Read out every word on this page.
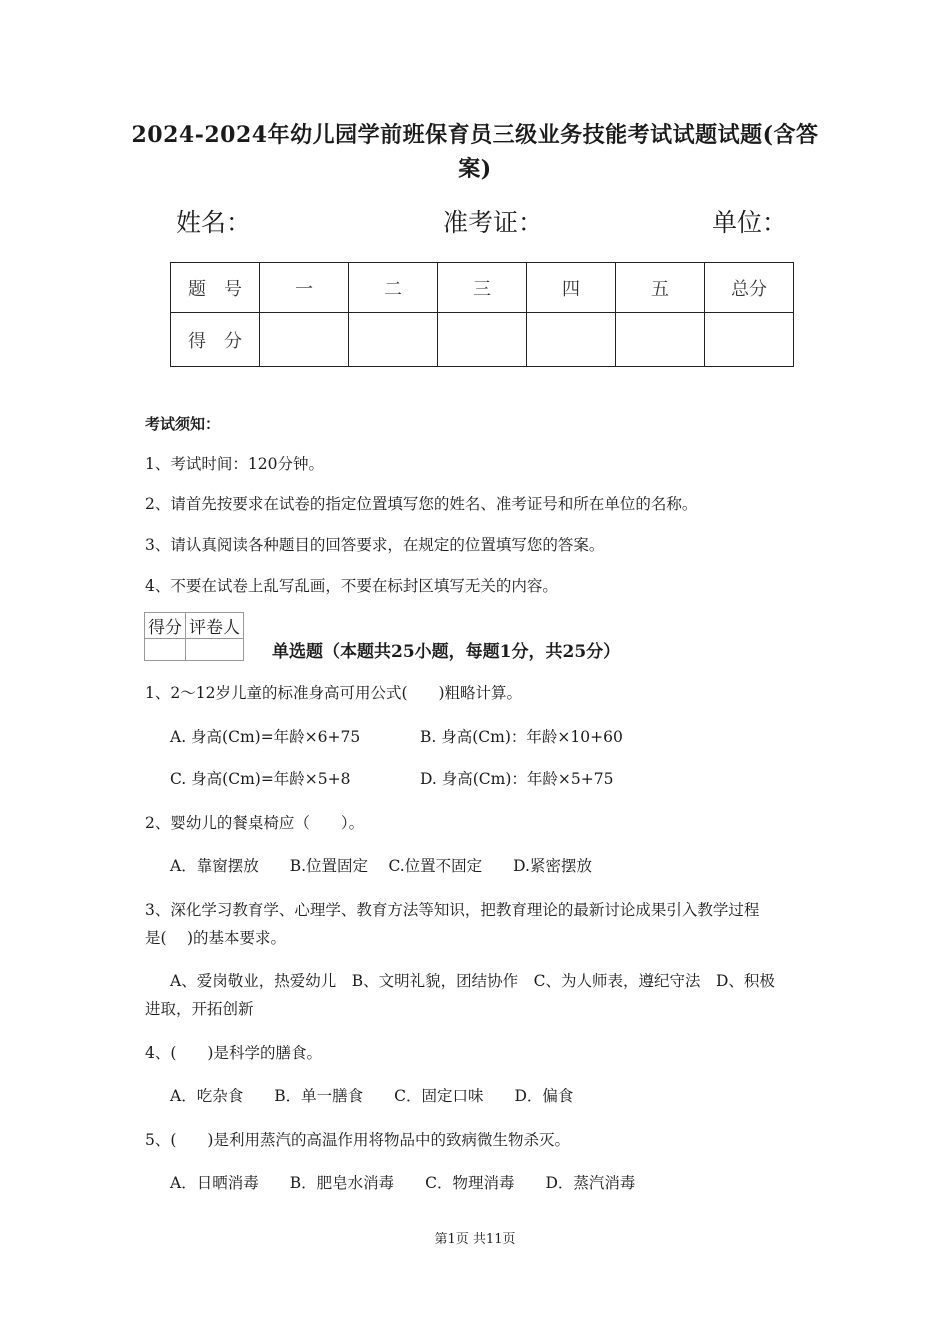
2024-2024年幼儿园学前班保育员三级业务技能考试试题试题(含答
案)
姓名：	准考证：	单位：
题　号	一	二	三	四	五	总分
得　分						
考试须知：
1、考试时间：120分钟。
2、请首先按要求在试卷的指定位置填写您的姓名、准考证号和所在单位的名称。
3、请认真阅读各种题目的回答要求，在规定的位置填写您的答案。
4、不要在试卷上乱写乱画，不要在标封区填写无关的内容。
得分	评卷人

单选题（本题共25小题，每题1分，共25分）
1、2～12岁儿童的标准身高可用公式(　　)粗略计算。
A. 身高(Cm)=年龄×6+75	B. 身高(Cm)：年龄×10+60
C. 身高(Cm)=年龄×5+8	D. 身高(Cm)：年龄×5+75
2、婴幼儿的餐桌椅应（　　）。
A．靠窗摆放　　B.位置固定　 C.位置不固定　　D.紧密摆放
3、深化学习教育学、心理学、教育方法等知识，把教育理论的最新讨论成果引入教学过程
是(　 )的基本要求。
A、爱岗敬业，热爱幼儿　B、文明礼貌，团结协作　C、为人师表，遵纪守法　D、积极
进取，开拓创新
4、(　　)是科学的膳食。
A．吃杂食　　B．单一膳食　　C．固定口味　　D．偏食
5、(　　)是利用蒸汽的高温作用将物品中的致病微生物杀灭。
A．日晒消毒　　B．肥皂水消毒　　C．物理消毒　　D．蒸汽消毒
第1页 共11页
